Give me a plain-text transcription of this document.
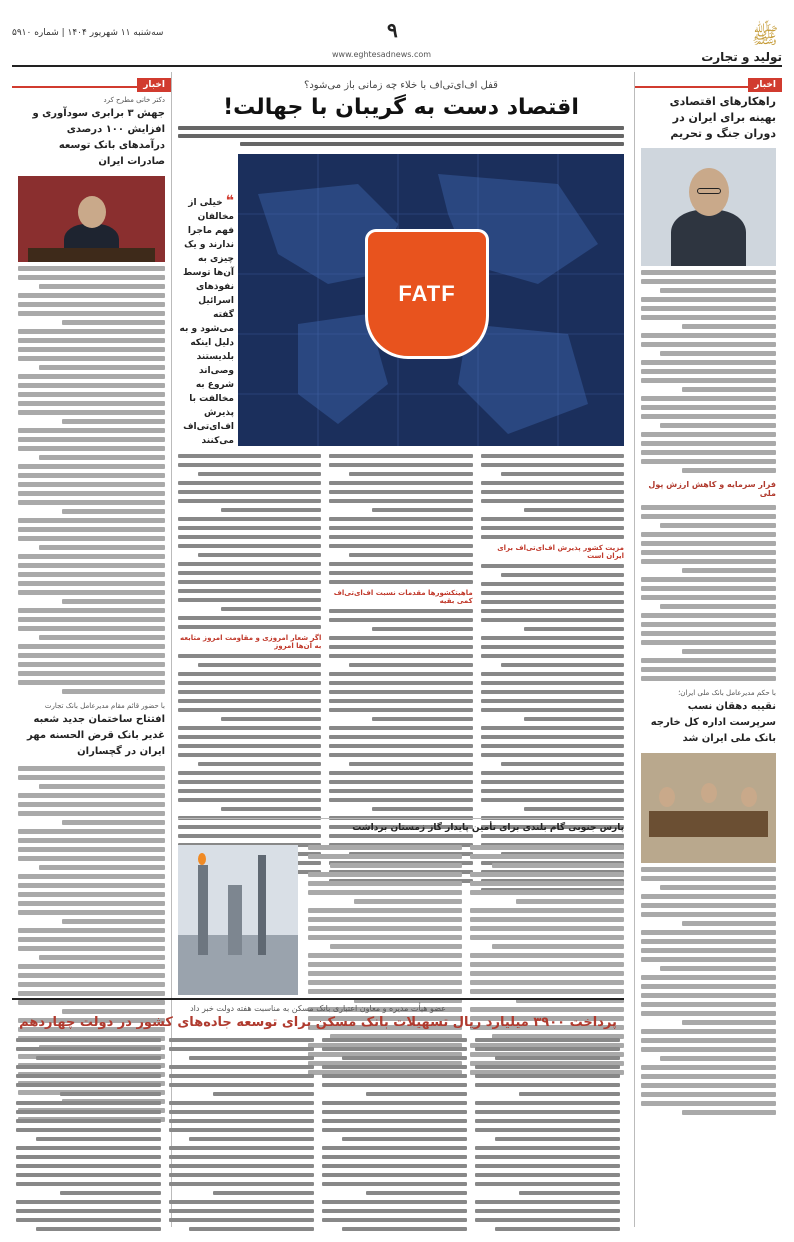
ﷺ
تولید و تجارت
۹
سه‌شنبه ۱۱ شهریور ۱۴۰۴ | شماره ۵۹۱۰
www.eghtesadnews.com
اخبار
راهکارهای اقتصادی بهینه برای ایران در دوران جنگ و تحریم
فرار سرمایه و کاهش ارزش پول ملی
با حکم مدیرعامل بانک ملی ایران؛
نقیبه دهقان نسب سرپرست اداره کل خارجه بانک ملی ایران شد
اخبار
دکتر خانی مطرح کرد
جهش ۳ برابری سودآوری و افزایش ۱۰۰ درصدی درآمدهای بانک توسعه صادرات ایران
با حضور قائم مقام مدیرعامل بانک تجارت
افتتاح ساختمان جدید شعبه غدیر بانک قرض الحسنه مهر ایران در گچساران
قفل اف‌ای‌تی‌اف با خلاء چه زمانی باز می‌شود؟
اقتصاد دست به گریبان با جهالت!
❝ خیلی از مخالفان فهم ماجرا ندارند و یک چیزی به آن‌ها توسط نفوذهای اسرائیل گفته می‌شود و به دلیل اینکه بلدیستند وصی‌اند شروع به مخالفت با پذیرش اف‌ای‌تی‌اف می‌کنند
FATF
مزیت کشور پذیرش اف‌ای‌تی‌اف برای ایران است
ماهیتکشورها مقدمات نسبت اف‌ای‌تی‌اف کمی بقیه
اگر شعار امروزی و مقاومت امروز متابعه به آن‌ها امروز
پارس جنوبی گام بلندی برای تأمین پایدار گاز زمستان برداشت
عضو هیأت مدیره و معاون اعتباری بانک مسکن به مناسبت هفته دولت خبر داد
پرداخت ۳۹۰۰ میلیارد ریال تسهیلات بانک مسکن برای توسعه جاده‌های کشور در دولت چهاردهم
